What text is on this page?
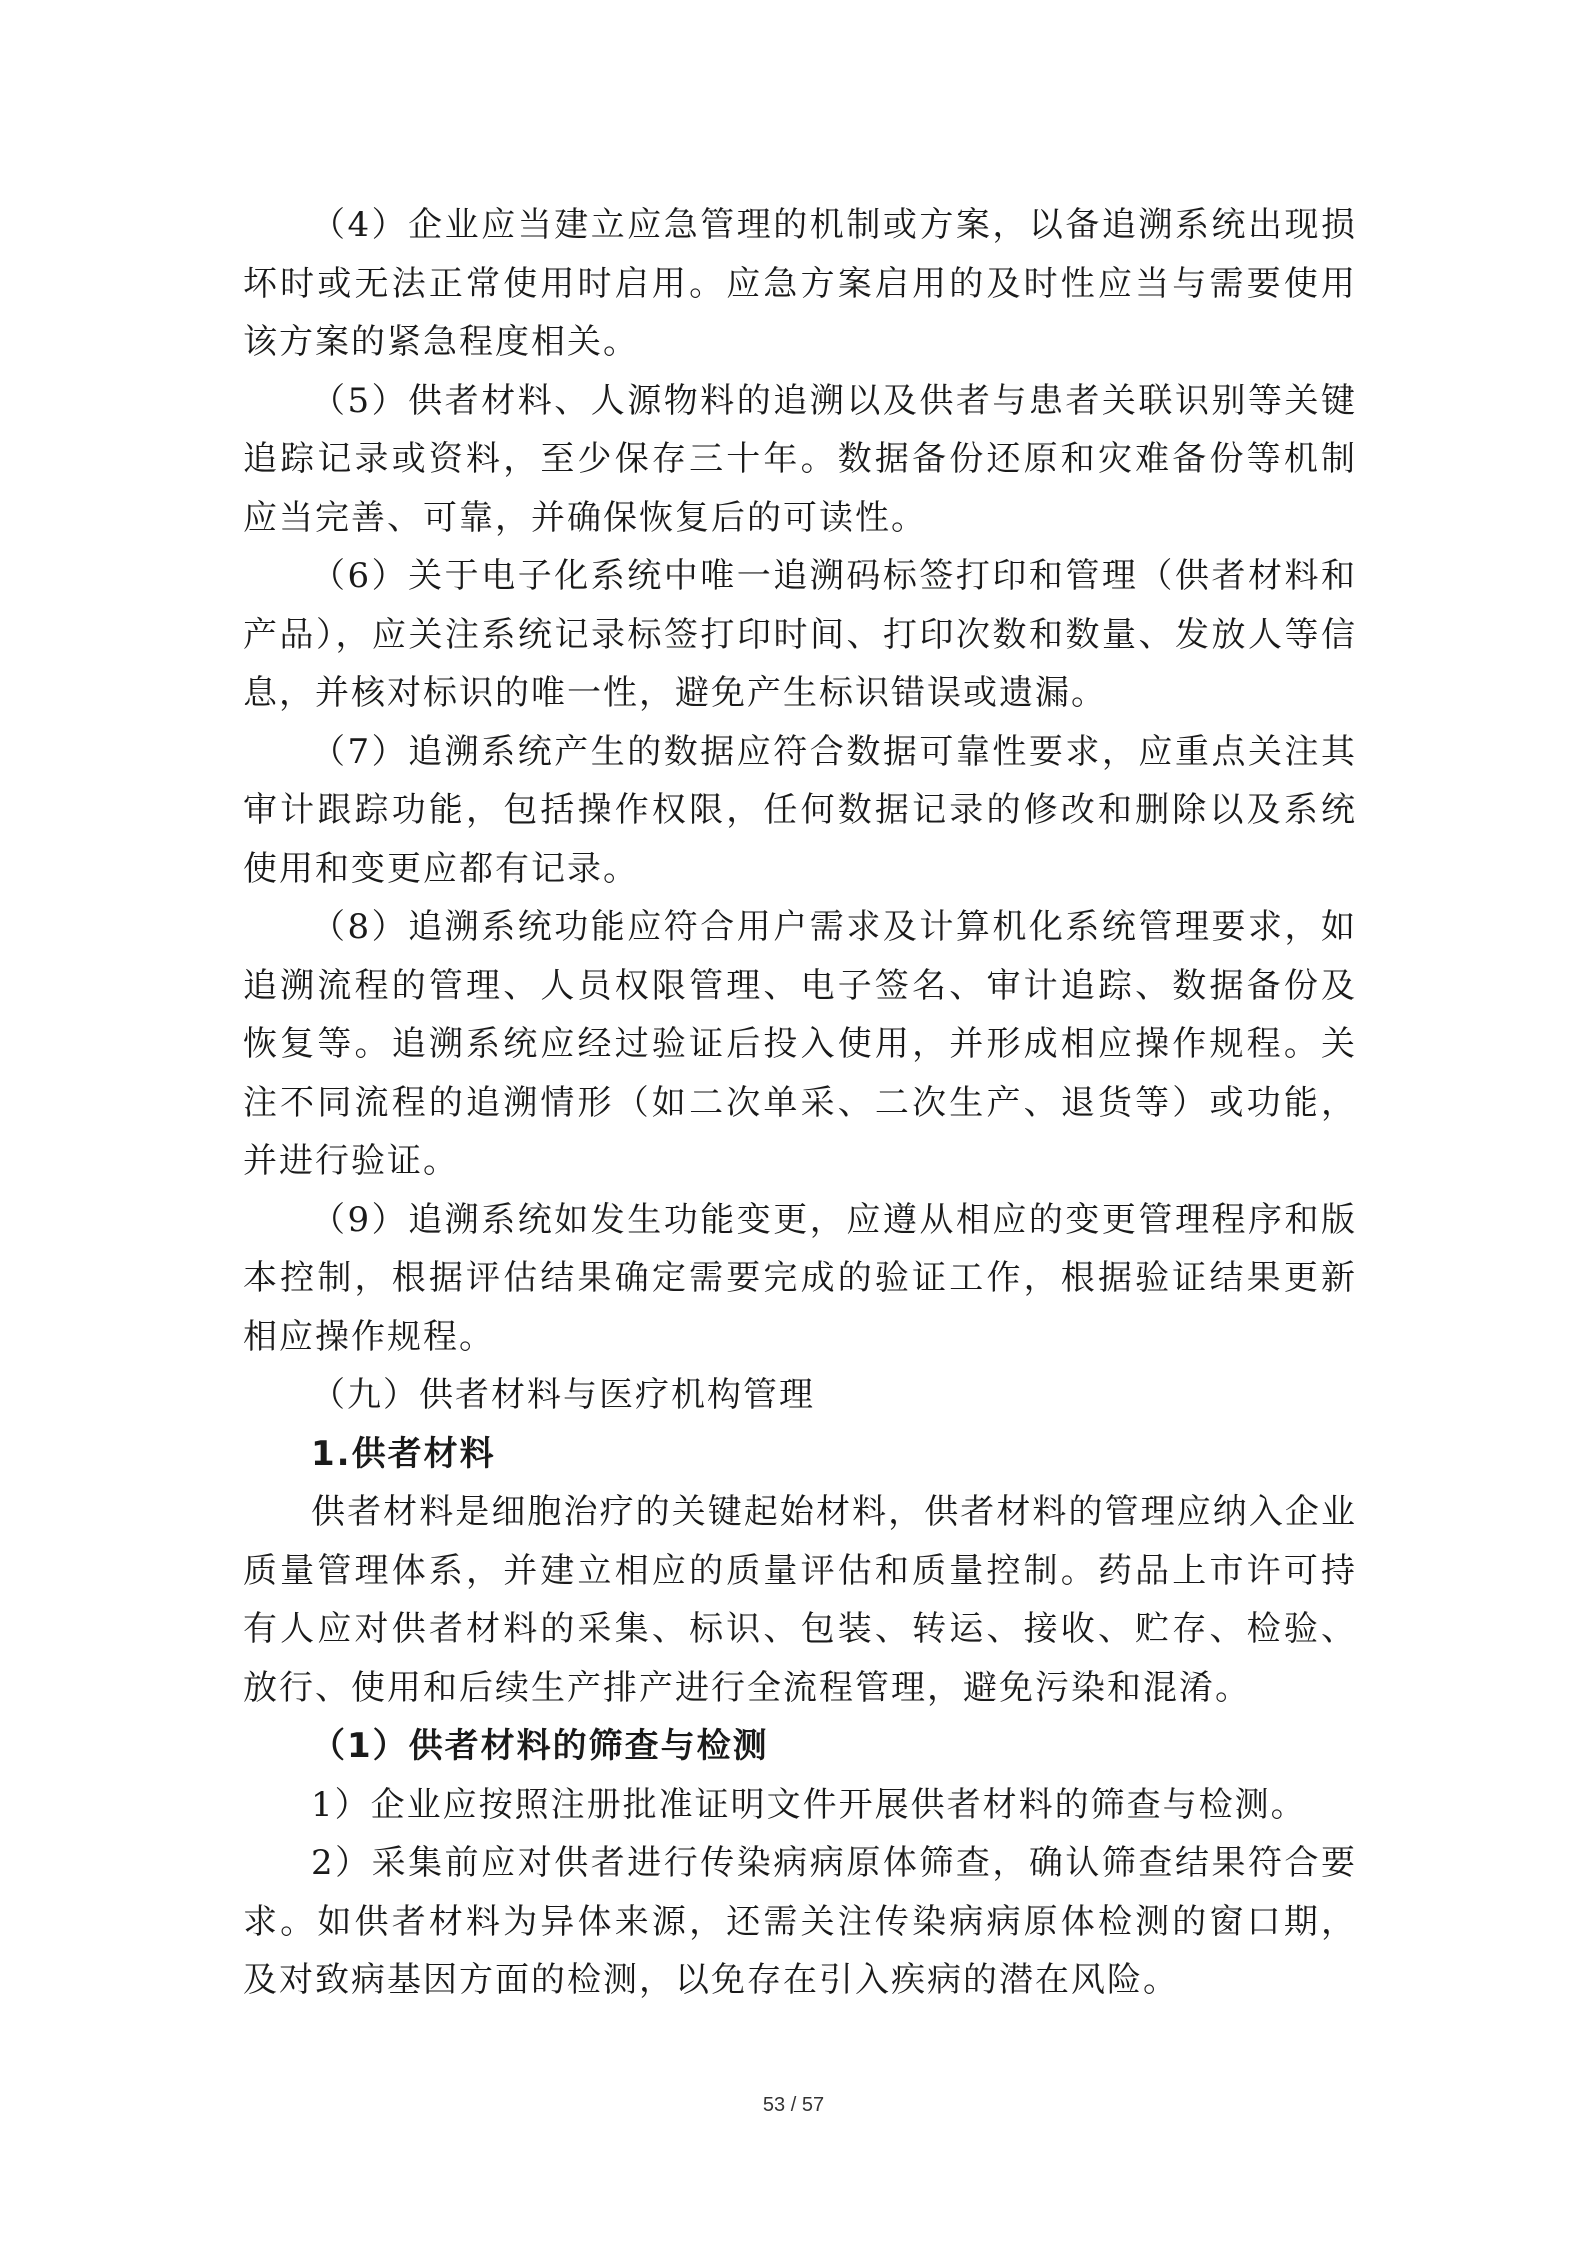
（4）企业应当建立应急管理的机制或方案，以备追溯系统出现损坏时或无法正常使用时启用。应急方案启用的及时性应当与需要使用该方案的紧急程度相关。

（5）供者材料、人源物料的追溯以及供者与患者关联识别等关键追踪记录或资料，至少保存三十年。数据备份还原和灾难备份等机制应当完善、可靠，并确保恢复后的可读性。

（6）关于电子化系统中唯一追溯码标签打印和管理（供者材料和产品），应关注系统记录标签打印时间、打印次数和数量、发放人等信息，并核对标识的唯一性，避免产生标识错误或遗漏。

（7）追溯系统产生的数据应符合数据可靠性要求，应重点关注其审计跟踪功能，包括操作权限，任何数据记录的修改和删除以及系统使用和变更应都有记录。

（8）追溯系统功能应符合用户需求及计算机化系统管理要求，如追溯流程的管理、人员权限管理、电子签名、审计追踪、数据备份及恢复等。追溯系统应经过验证后投入使用，并形成相应操作规程。关注不同流程的追溯情形（如二次单采、二次生产、退货等）或功能，并进行验证。

（9）追溯系统如发生功能变更，应遵从相应的变更管理程序和版本控制，根据评估结果确定需要完成的验证工作，根据验证结果更新相应操作规程。

（九）供者材料与医疗机构管理

1.供者材料

供者材料是细胞治疗的关键起始材料，供者材料的管理应纳入企业质量管理体系，并建立相应的质量评估和质量控制。药品上市许可持有人应对供者材料的采集、标识、包装、转运、接收、贮存、检验、放行、使用和后续生产排产进行全流程管理，避免污染和混淆。

（1）供者材料的筛查与检测

1）企业应按照注册批准证明文件开展供者材料的筛查与检测。

2）采集前应对供者进行传染病病原体筛查，确认筛查结果符合要求。如供者材料为异体来源，还需关注传染病病原体检测的窗口期，及对致病基因方面的检测，以免存在引入疾病的潜在风险。

53 / 57
